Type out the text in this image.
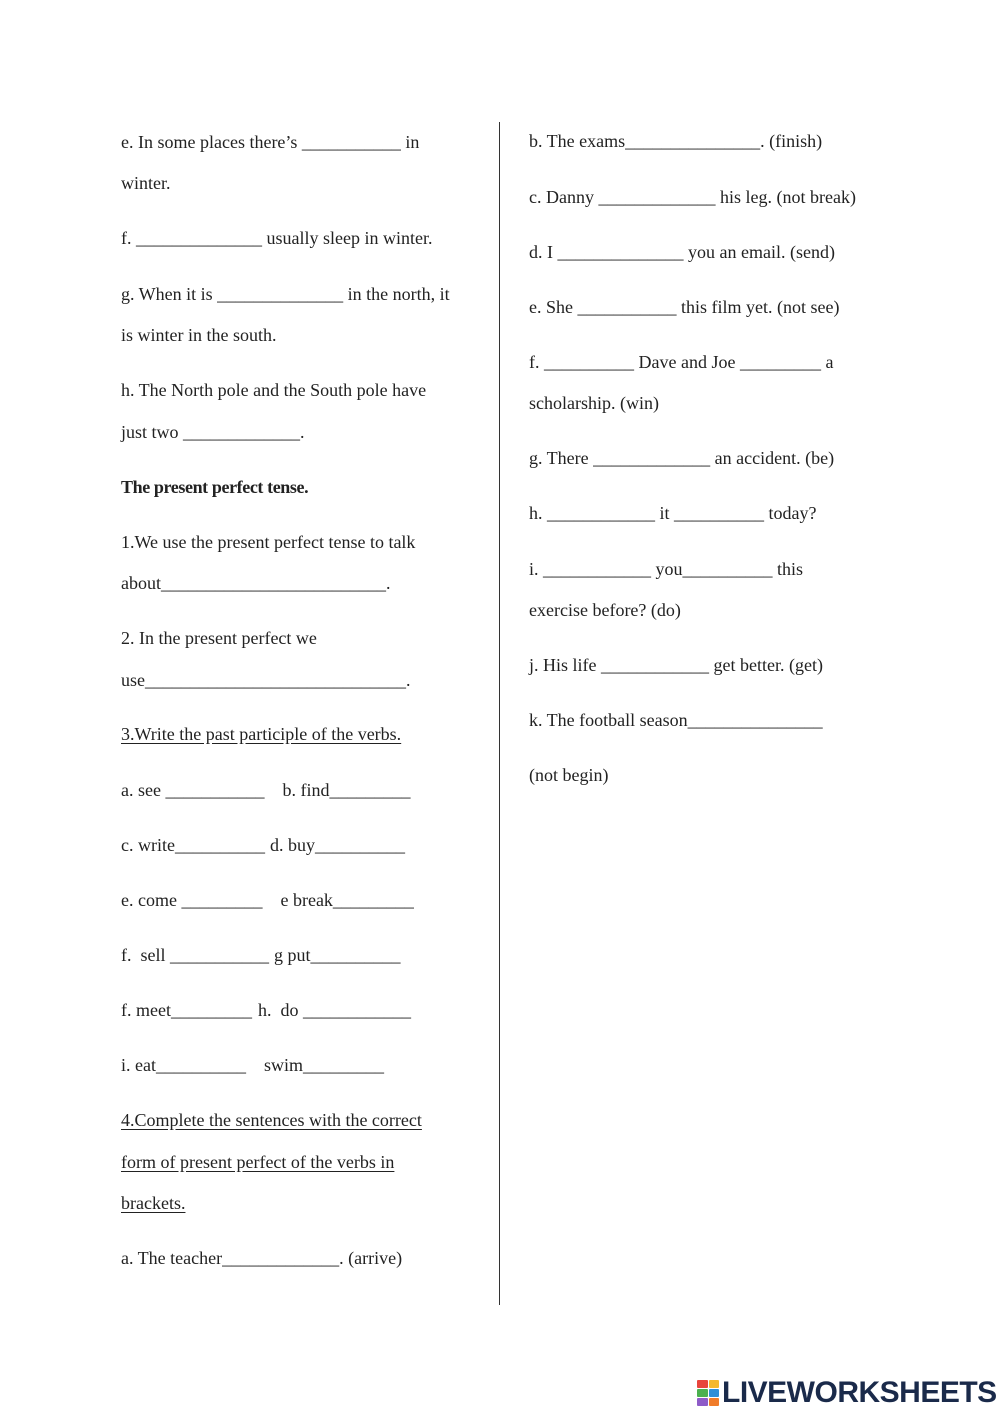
e. In some places there’s ___________ in
winter.
f. ______________ usually sleep in winter.
g. When it is ______________ in the north, it
is winter in the south.
h. The North pole and the South pole have
just two _____________.
The present perfect tense.
1.We use the present perfect tense to talk
about_________________________.
2. In the present perfect we
use_____________________________.
3.Write the past participle of the verbs.
a. see ___________ b. find_________
c. write__________ d. buy__________
e. come _________ e break_________
f.  sell ___________ g put__________
f. meet_________ h.  do ____________
i. eat__________ swim_________
4.Complete the sentences with the correct
form of present perfect of the verbs in
brackets.
a. The teacher_____________. (arrive)
b. The exams_______________. (finish)
c. Danny _____________ his leg. (not break)
d. I ______________ you an email. (send)
e. She ___________ this film yet. (not see)
f. __________ Dave and Joe _________ a
scholarship. (win)
g. There _____________ an accident. (be)
h. ____________ it __________ today?
i. ____________ you__________ this
exercise before? (do)
j. His life ____________ get better. (get)
k. The football season_______________
(not begin)
LIVEWORKSHEETS
